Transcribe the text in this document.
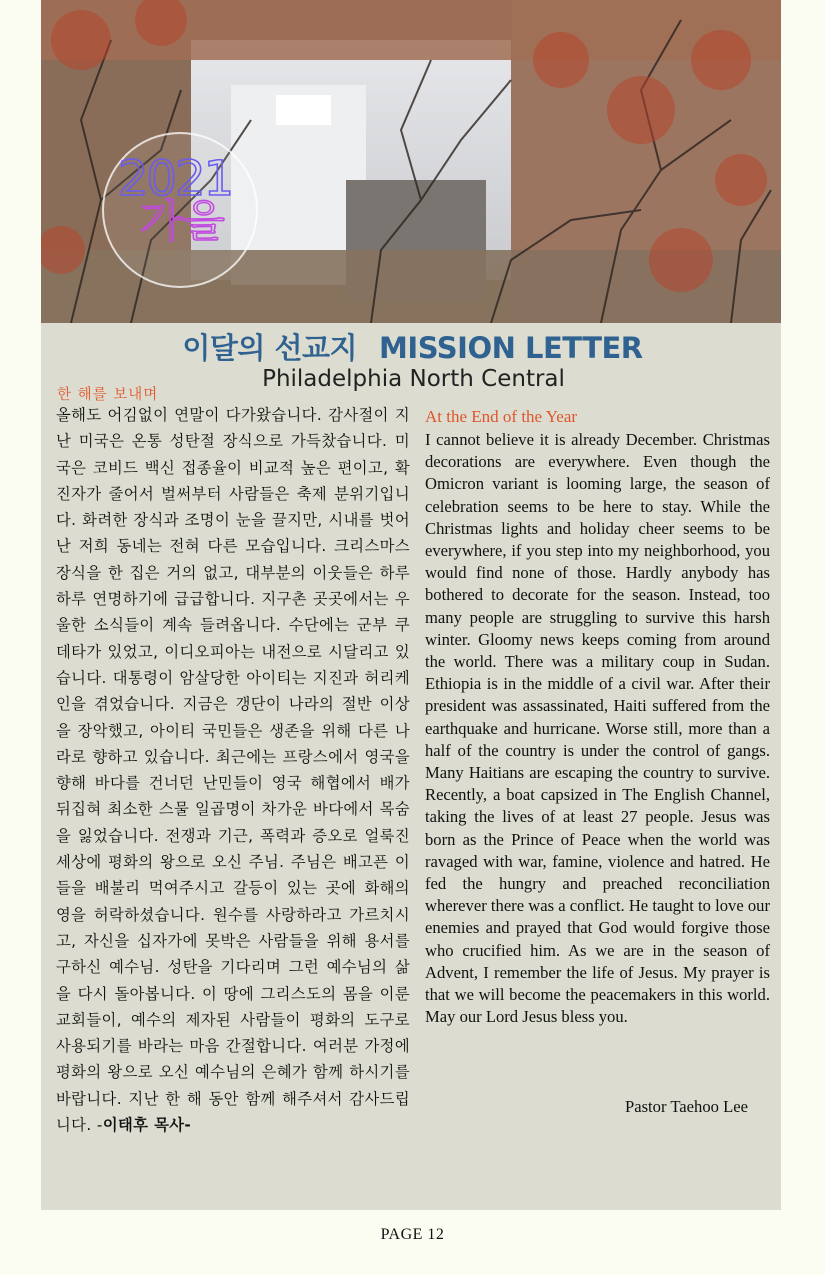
2021
가을
이달의 선교지 MISSION LETTER
Philadelphia North Central
한 해를 보내며
올해도 어김없이 연말이 다가왔습니다. 감사절이 지난 미국은 온통 성탄절 장식으로 가득찼습니다. 미국은 코비드 백신 접종율이 비교적 높은 편이고, 확진자가 줄어서 벌써부터 사람들은 축제 분위기입니다. 화려한 장식과 조명이 눈을 끌지만, 시내를 벗어난 저희 동네는 전혀 다른 모습입니다. 크리스마스 장식을 한 집은 거의 없고, 대부분의 이웃들은 하루 하루 연명하기에 급급합니다. 지구촌 곳곳에서는 우울한 소식들이 계속 들려옵니다. 수단에는 군부 쿠데타가 있었고, 이디오피아는 내전으로 시달리고 있습니다. 대통령이 암살당한 아이티는 지진과 허리케인을 겪었습니다. 지금은 갱단이 나라의 절반 이상을 장악했고, 아이티 국민들은 생존을 위해 다른 나라로 향하고 있습니다. 최근에는 프랑스에서 영국을 향해 바다를 건너던 난민들이 영국 해협에서 배가 뒤집혀 최소한 스물 일곱명이 차가운 바다에서 목숨을 잃었습니다. 전쟁과 기근, 폭력과 증오로 얼룩진 세상에 평화의 왕으로 오신 주님. 주님은 배고픈 이들을 배불리 먹여주시고 갈등이 있는 곳에 화해의 영을 허락하셨습니다. 원수를 사랑하라고 가르치시고, 자신을 십자가에 못박은 사람들을 위해 용서를 구하신 예수님. 성탄을 기다리며 그런 예수님의 삶을 다시 돌아봅니다. 이 땅에 그리스도의 몸을 이룬 교회들이, 예수의 제자된 사람들이 평화의 도구로 사용되기를 바라는 마음 간절합니다. 여러분 가정에 평화의 왕으로 오신 예수님의 은혜가 함께 하시기를 바랍니다. 지난 한 해 동안 함께 해주셔서 감사드립니다. -이태후 목사-
At the End of the Year
I cannot believe it is already December. Christmas decorations are everywhere. Even though the Omicron variant is looming large, the season of celebration seems to be here to stay. While the Christmas lights and holiday cheer seems to be everywhere, if you step into my neighborhood, you would find none of those. Hardly anybody has bothered to decorate for the season. Instead, too many people are struggling to survive this harsh winter. Gloomy news keeps coming from around the world. There was a military coup in Sudan. Ethiopia is in the middle of a civil war. After their president was assassinated, Haiti suffered from the earthquake and hurricane. Worse still, more than a half of the country is under the control of gangs. Many Haitians are escaping the country to survive. Recently, a boat capsized in The English Channel, taking the lives of at least 27 people. Jesus was born as the Prince of Peace when the world was ravaged with war, famine, violence and hatred. He fed the hungry and preached reconciliation wherever there was a conflict. He taught to love our enemies and prayed that God would forgive those who crucified him. As we are in the season of Advent, I remember the life of Jesus. My prayer is that we will become the peacemakers in this world. May our Lord Jesus bless you.
Pastor Taehoo Lee
PAGE 12
